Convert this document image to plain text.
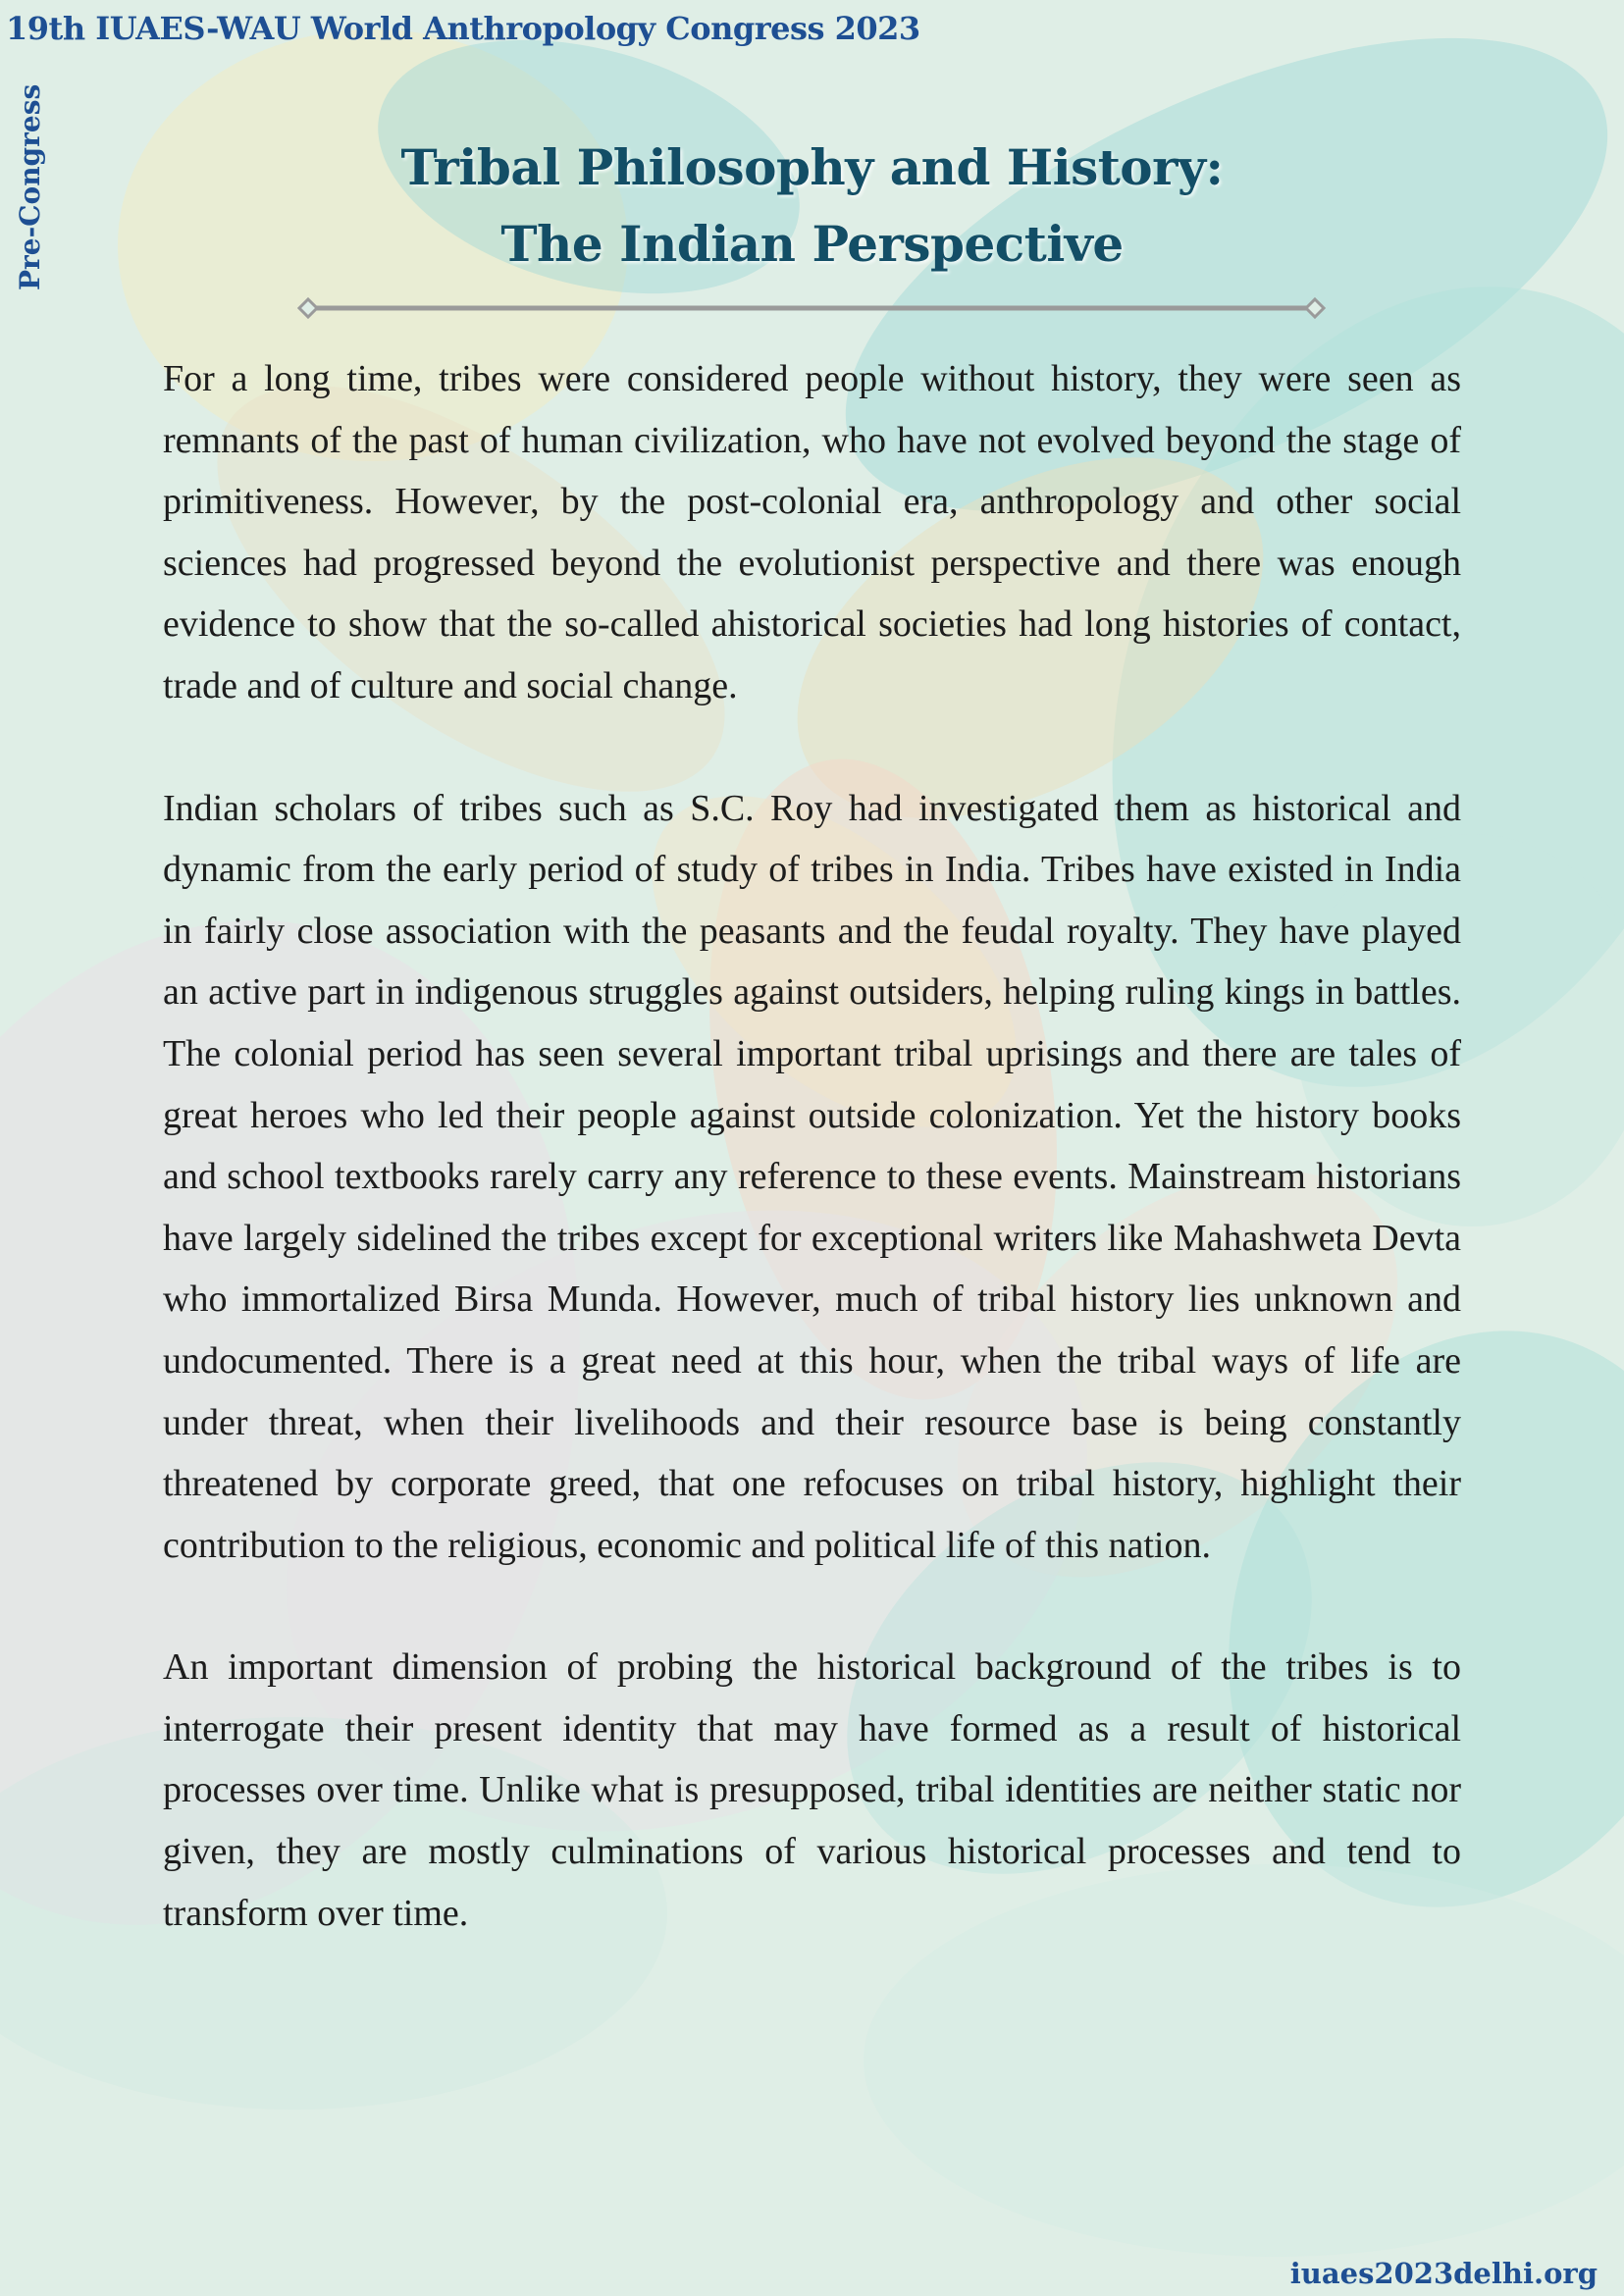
19th IUAES-WAU World Anthropology Congress 2023
Pre-Congress	Tribal Philosophy and History:
The Indian Perspective

For a long time, tribes were considered people without history, they were seen as remnants of the past of human civilization, who have not evolved beyond the stage of primitiveness. However, by the post-colonial era, anthropology and other social sciences had progressed beyond the evolutionist perspective and there was enough evidence to show that the so-called ahistorical societies had long histories of contact, trade and of culture and social change.

Indian scholars of tribes such as S.C. Roy had investigated them as historical and dynamic from the early period of study of tribes in India. Tribes have existed in India in fairly close association with the peasants and the feudal royalty. They have played an active part in indigenous struggles against outsiders, helping ruling kings in battles. The colonial period has seen several important tribal uprisings and there are tales of great heroes who led their people against outside colonization. Yet the history books and school textbooks rarely carry any reference to these events. Mainstream historians have largely sidelined the tribes except for exceptional writers like Mahashweta Devta who immortalized Birsa Munda. However, much of tribal history lies unknown and undocumented. There is a great need at this hour, when the tribal ways of life are under threat, when their livelihoods and their resource base is being constantly threatened by corporate greed, that one refocuses on tribal history, highlight their contribution to the religious, economic and political life of this nation.

An important dimension of probing the historical background of the tribes is to interrogate their present identity that may have formed as a result of historical processes over time. Unlike what is presupposed, tribal identities are neither static nor given, they are mostly culminations of various historical processes and tend to transform over time.

iuaes2023delhi.org
